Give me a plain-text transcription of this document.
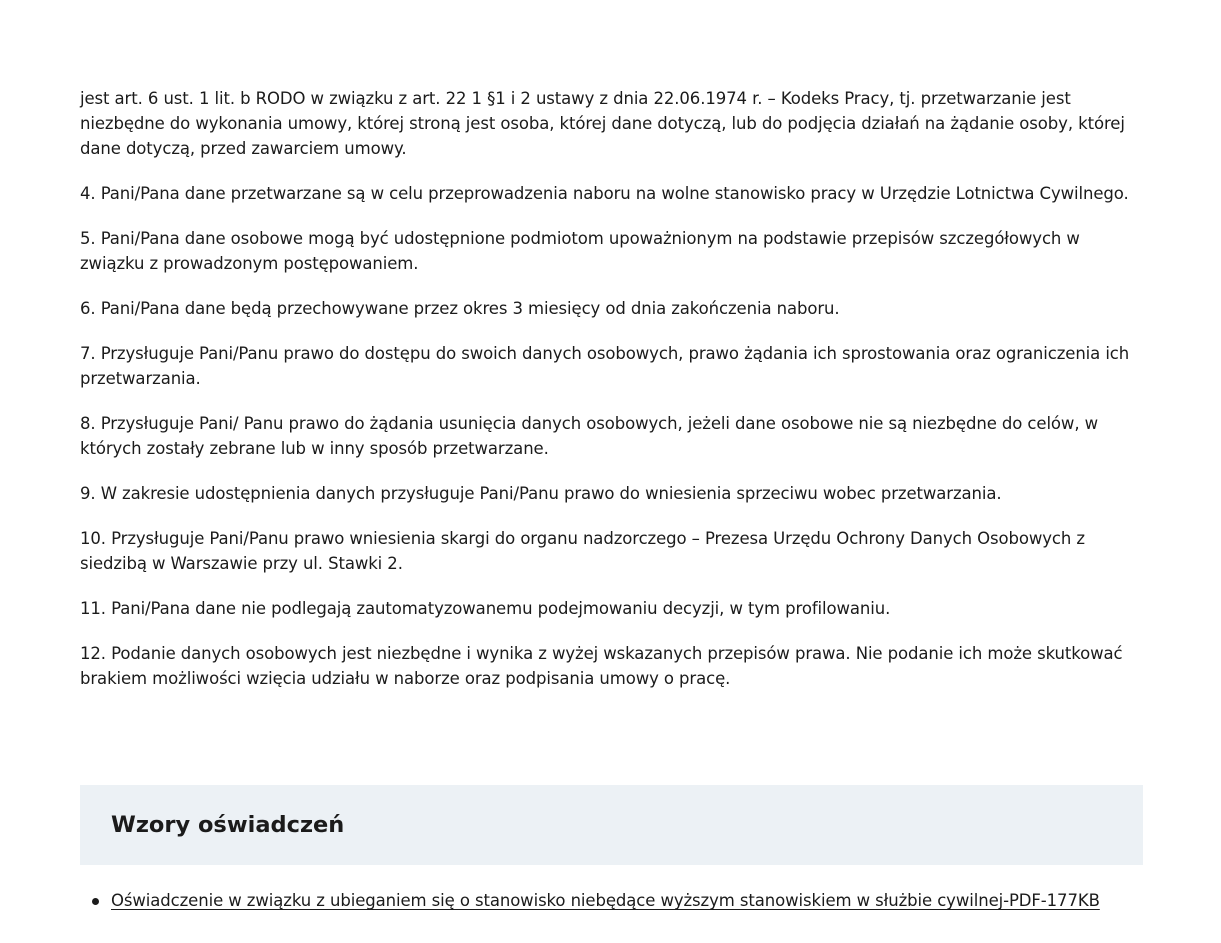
jest art. 6 ust. 1 lit. b RODO w związku z art. 22 1 §1 i 2 ustawy z dnia 22.06.1974 r. – Kodeks Pracy, tj. przetwarzanie jest niezbędne do wykonania umowy, której stroną jest osoba, której dane dotyczą, lub do podjęcia działań na żądanie osoby, której dane dotyczą, przed zawarciem umowy.

4. Pani/Pana dane przetwarzane są w celu przeprowadzenia naboru na wolne stanowisko pracy w Urzędzie Lotnictwa Cywilnego.

5. Pani/Pana dane osobowe mogą być udostępnione podmiotom upoważnionym na podstawie przepisów szczegółowych w związku z prowadzonym postępowaniem.

6. Pani/Pana dane będą przechowywane przez okres 3 miesięcy od dnia zakończenia naboru.

7. Przysługuje Pani/Panu prawo do dostępu do swoich danych osobowych, prawo żądania ich sprostowania oraz ograniczenia ich przetwarzania.

8. Przysługuje Pani/ Panu prawo do żądania usunięcia danych osobowych, jeżeli dane osobowe nie są niezbędne do celów, w których zostały zebrane lub w inny sposób przetwarzane.

9. W zakresie udostępnienia danych przysługuje Pani/Panu prawo do wniesienia sprzeciwu wobec przetwarzania.

10. Przysługuje Pani/Panu prawo wniesienia skargi do organu nadzorczego – Prezesa Urzędu Ochrony Danych Osobowych z siedzibą w Warszawie przy ul. Stawki 2.

11. Pani/Pana dane nie podlegają zautomatyzowanemu podejmowaniu decyzji, w tym profilowaniu.

12. Podanie danych osobowych jest niezbędne i wynika z wyżej wskazanych przepisów prawa. Nie podanie ich może skutkować brakiem możliwości wzięcia udziału w naborze oraz podpisania umowy o pracę.

Wzory oświadczeń
Oświadczenie w związku z ubieganiem się o stanowisko niebędące wyższym stanowiskiem w służbie cywilnej-PDF-177KB
